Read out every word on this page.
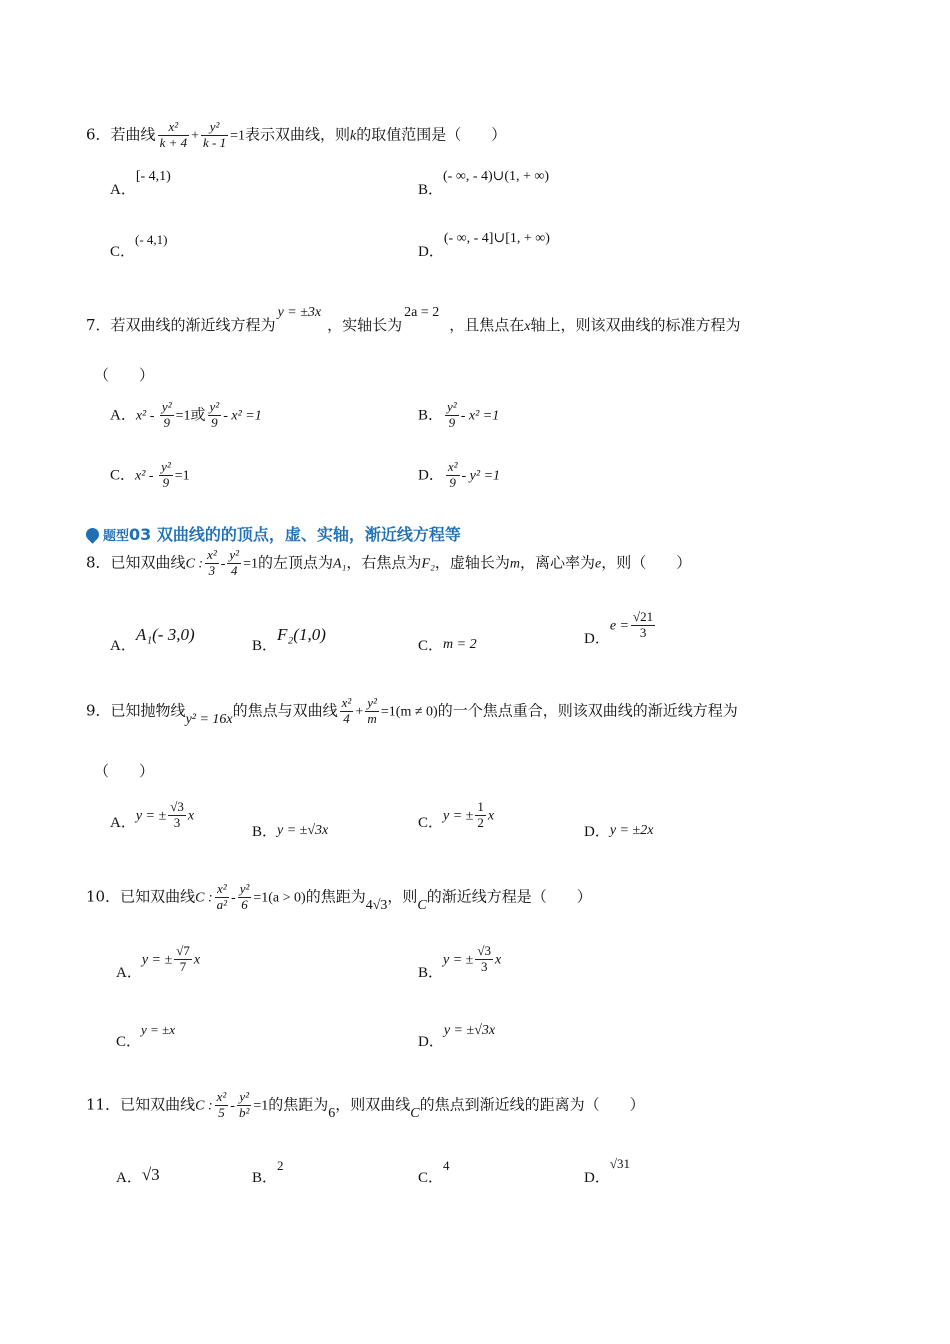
6．若曲线 $\frac{\text{x²}}{k + 4} + \frac{\text{y²}}{k - 1} =1$表示双曲线，则k的取值范围是（　　）
A．[- 4,1)
B．(- ∞, - 4)∪(1, + ∞)
C．(- 4,1)
D．(- ∞, - 4]∪[1, + ∞)
7．若双曲线的渐近线方程为y = ±3x，实轴长为2a = 2，且焦点在x轴上，则该双曲线的标准方程为
（　　）
A．$x^2 - \frac{\text{y²}}{9} =1$或 $\frac{\text{y²}}{9} - x^2 =1$	B． $\frac{\text{y²}}{9} - x^2 =1$
C．$x^2 - \frac{\text{y²}}{9} =1$	D． $\frac{\text{x²}}{9} - y^2 =1$
题型03 双曲线的的顶点，虚、实轴，渐近线方程等
8．已知双曲线C : $\frac{\text{x²}}{3} - \frac{\text{y²}}{4} =1$的左顶点为A₁，右焦点为F₂，虚轴长为m，离心率为e，则（　　）
A．A₁(- 3,0)
B．F₂(1,0)
C．m = 2	D．$e = \frac{√21}{3}$
9．已知抛物线y² = 16x的焦点与双曲线 $\frac{\text{x²}}{4} + \frac{\text{y²}}{m} =1(m \ne 0)$的一个焦点重合，则该双曲线的渐近线方程为
（　　）
A．y = ± $\frac{√3}{3}$ x
B．y = ±√3x	C．y = ± $\frac{1}{2}$ x
D．y = ±2x
10．已知双曲线C : $\frac{\text{x²}}{\text{a²}} - \frac{\text{y²}}{6} =1(a > 0)$的焦距为4√3，则C的渐近线方程是（　　）
A．y = ± $\frac{√7}{7}$ x
B．y = ± $\frac{√3}{3}$ x
C．y = ±x
D．y = ±√3x
11．已知双曲线C : $\frac{\text{x²}}{5} - \frac{\text{y²}}{\text{b²}} =1$的焦距为6，则双曲线C的焦点到渐近线的距离为（　　）
A．√3	B．2
C．4
D．√31
